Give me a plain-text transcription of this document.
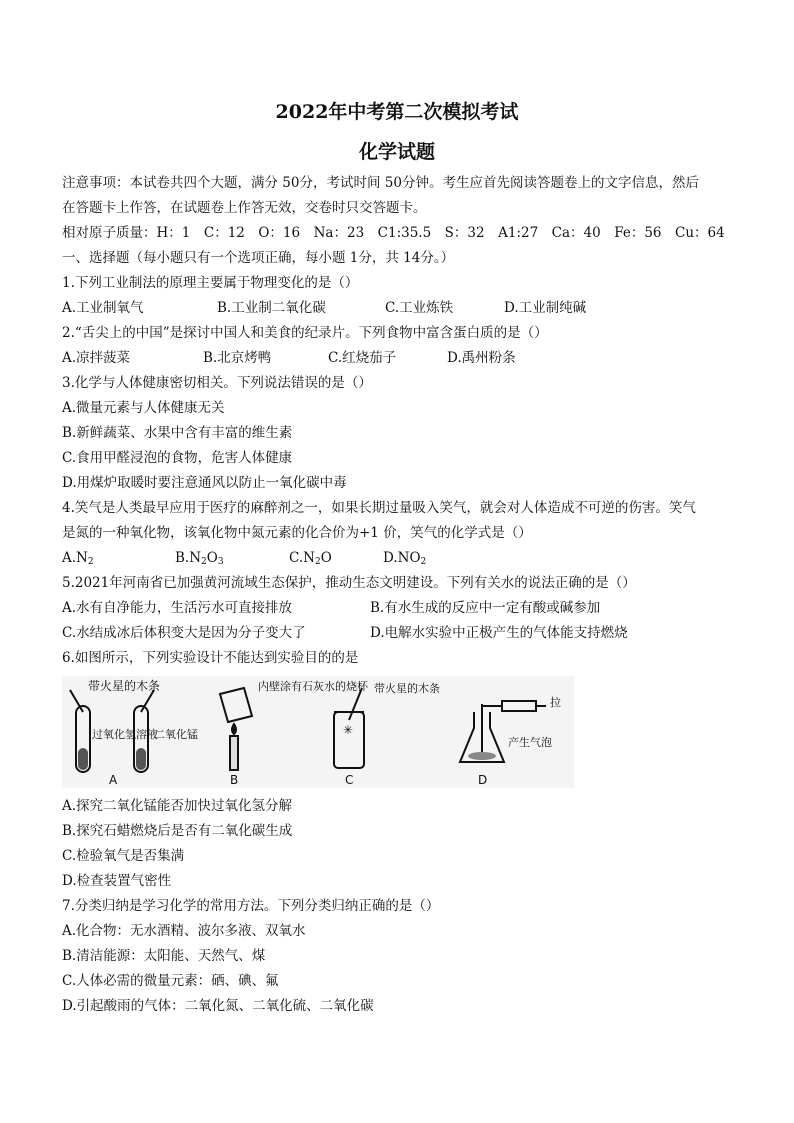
2022年中考第二次模拟考试
化学试题
注意事项：本试卷共四个大题，满分 50分，考试时间 50分钟。考生应首先阅读答题卷上的文字信息，然后
在答题卡上作答，在试题卷上作答无效，交卷时只交答题卡。
相对原子质量：H：1　C：12　O：16　Na：23　C1:35.5　S：32　A1:27　Ca：40　Fe：56　Cu：64
一、选择题（每小题只有一个选项正确，每小题 1分，共 14分。）
1.下列工业制法的原理主要属于物理变化的是（）
A.工业制氧气	B.工业制二氧化碳	C.工业炼铁	D.工业制纯碱
2.“舌尖上的中国”是探讨中国人和美食的纪录片。下列食物中富含蛋白质的是（）
A.凉拌菠菜	B.北京烤鸭	C.红烧茄子	D.禹州粉条
3.化学与人体健康密切相关。下列说法错误的是（）
A.微量元素与人体健康无关
B.新鲜蔬菜、水果中含有丰富的维生素
C.食用甲醛浸泡的食物，危害人体健康
D.用煤炉取暖时要注意通风以防止一氧化碳中毒
4.笑气是人类最早应用于医疗的麻醉剂之一，如果长期过量吸入笑气，就会对人体造成不可逆的伤害。笑气
是氮的一种氧化物，该氧化物中氮元素的化合价为+1 价，笑气的化学式是（）
$A.N_2$	$B.N_2O_3$	$C.N_2O$	$D.NO_2$
5.2021年河南省已加强黄河流域生态保护，推动生态文明建设。下列有关水的说法正确的是（）
A.水有自净能力，生活污水可直接排放	B.有水生成的反应中一定有酸或碱参加
C.水结成冰后体积变大是因为分子变大了	D.电解水实验中正极产生的气体能支持燃烧
6.如图所示，下列实验设计不能达到实验目的的是
带火星的木条
过氧化氢溶液
二氧化锰
A
内壁涂有石灰水的烧杯
B
✳
带火星的木条
C
拉
产生气泡
D
A.探究二氧化锰能否加快过氧化氢分解
B.探究石蜡燃烧后是否有二氧化碳生成
C.检验氧气是否集满
D.检查装置气密性
7.分类归纳是学习化学的常用方法。下列分类归纳正确的是（）
A.化合物：无水酒精、波尔多液、双氧水
B.清洁能源：太阳能、天然气、煤
C.人体必需的微量元素：硒、碘、氟
D.引起酸雨的气体：二氧化氮、二氧化硫、二氧化碳
